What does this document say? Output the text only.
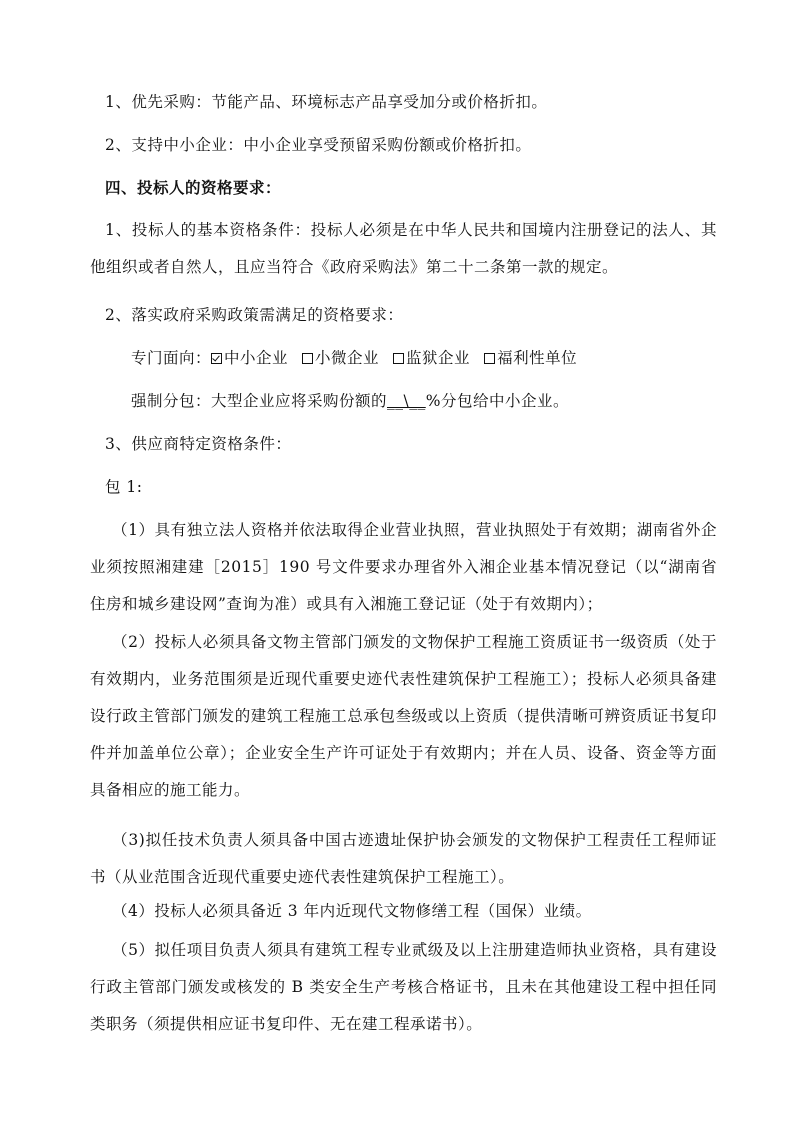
1、优先采购：节能产品、环境标志产品享受加分或价格折扣。
2、支持中小企业：中小企业享受预留采购份额或价格折扣。
四、投标人的资格要求：
1、投标人的基本资格条件：投标人必须是在中华人民共和国境内注册登记的法人、其他组织或者自然人，且应当符合《政府采购法》第二十二条第一款的规定。
2、落实政府采购政策需满足的资格要求：
专门面向： 中小企业 小微企业 监狱企业 福利性单位
强制分包：大型企业应将采购份额的__\__%分包给中小企业。
3、供应商特定资格条件：
包 1:
（1）具有独立法人资格并依法取得企业营业执照，营业执照处于有效期；湖南省外企业须按照湘建建［2015］190 号文件要求办理省外入湘企业基本情况登记（以“湖南省住房和城乡建设网”查询为准）或具有入湘施工登记证（处于有效期内）；
（2）投标人必须具备文物主管部门颁发的文物保护工程施工资质证书一级资质（处于有效期内，业务范围须是近现代重要史迹代表性建筑保护工程施工）；投标人必须具备建设行政主管部门颁发的建筑工程施工总承包叁级或以上资质（提供清晰可辨资质证书复印件并加盖单位公章）；企业安全生产许可证处于有效期内；并在人员、设备、资金等方面具备相应的施工能力。
（3)拟任技术负责人须具备中国古迹遗址保护协会颁发的文物保护工程责任工程师证书（从业范围含近现代重要史迹代表性建筑保护工程施工）。
（4）投标人必须具备近 3 年内近现代文物修缮工程（国保）业绩。
（5）拟任项目负责人须具有建筑工程专业贰级及以上注册建造师执业资格，具有建设行政主管部门颁发或核发的 B 类安全生产考核合格证书，且未在其他建设工程中担任同类职务（须提供相应证书复印件、无在建工程承诺书）。
